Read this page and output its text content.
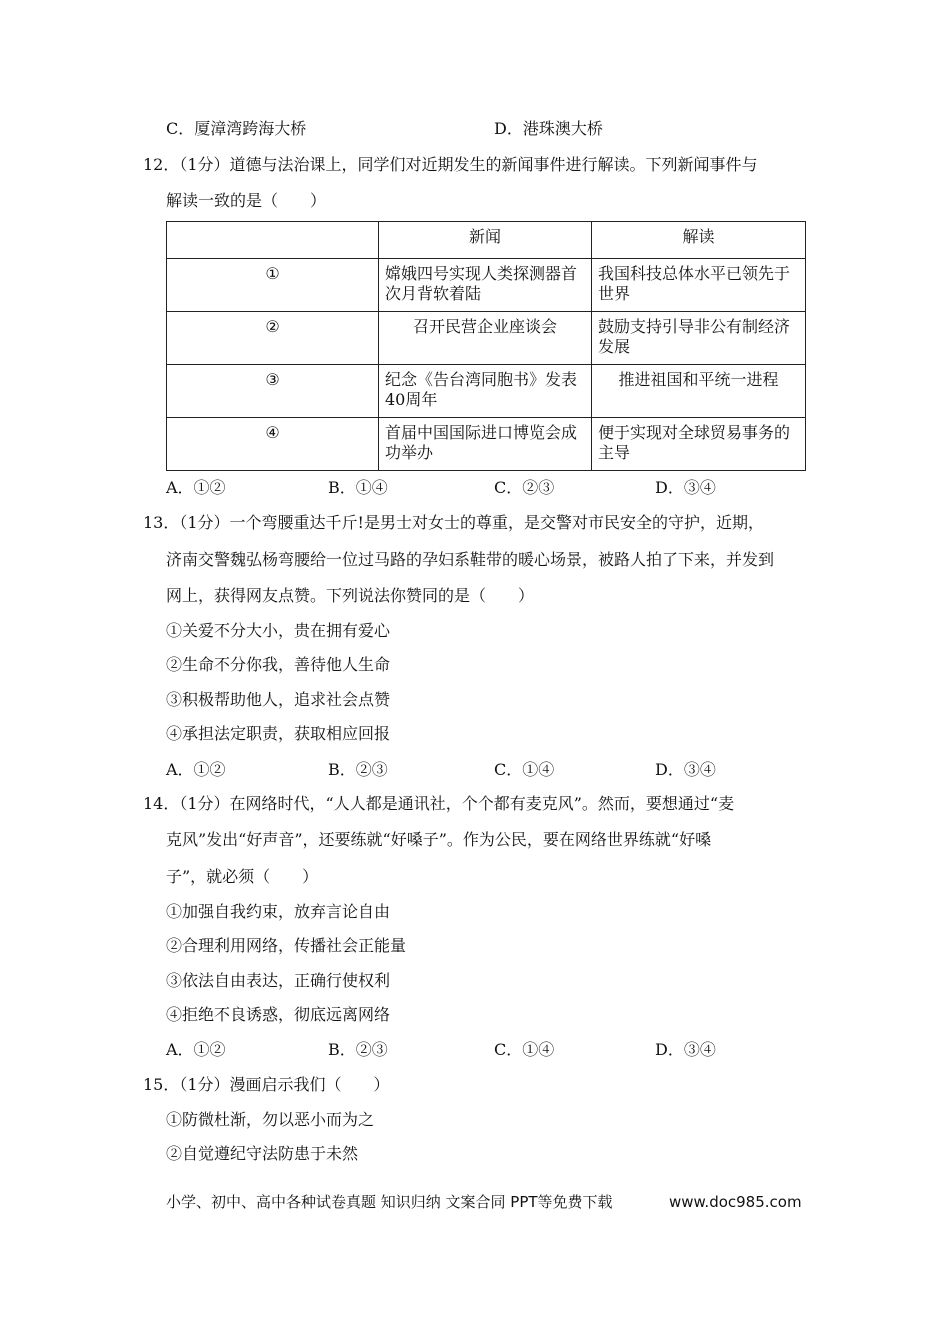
C．厦漳湾跨海大桥	D．港珠澳大桥
12．（1分）道德与法治课上，同学们对近期发生的新闻事件进行解读。下列新闻事件与
解读一致的是（　　）
	新闻	解读
①	嫦娥四号实现人类探测器首次月背软着陆	我国科技总体水平已领先于世界
②	召开民营企业座谈会	鼓励支持引导非公有制经济发展
③	纪念《告台湾同胞书》发表40周年	推进祖国和平统一进程
④	首届中国国际进口博览会成功举办	便于实现对全球贸易事务的主导
A．①②	B．①④	C．②③	D．③④
13．（1分）一个弯腰重达千斤!是男士对女士的尊重，是交警对市民安全的守护，近期，
济南交警魏弘杨弯腰给一位过马路的孕妇系鞋带的暖心场景，被路人拍了下来，并发到
网上，获得网友点赞。下列说法你赞同的是（　　）
①关爱不分大小，贵在拥有爱心
②生命不分你我，善待他人生命
③积极帮助他人，追求社会点赞
④承担法定职责，获取相应回报
A．①②	B．②③	C．①④	D．③④
14．（1分）在网络时代，“人人都是通讯社，个个都有麦克风”。然而，要想通过“麦
克风”发出“好声音”，还要练就“好嗓子”。作为公民，要在网络世界练就“好嗓
子”，就必须（　　）
①加强自我约束，放弃言论自由
②合理利用网络，传播社会正能量
③依法自由表达，正确行使权利
④拒绝不良诱惑，彻底远离网络
A．①②	B．②③	C．①④	D．③④
15．（1分）漫画启示我们（　　）
①防微杜渐，勿以恶小而为之
②自觉遵纪守法防患于未然
小学、初中、高中各种试卷真题 知识归纳 文案合同 PPT等免费下载	www.doc985.com
